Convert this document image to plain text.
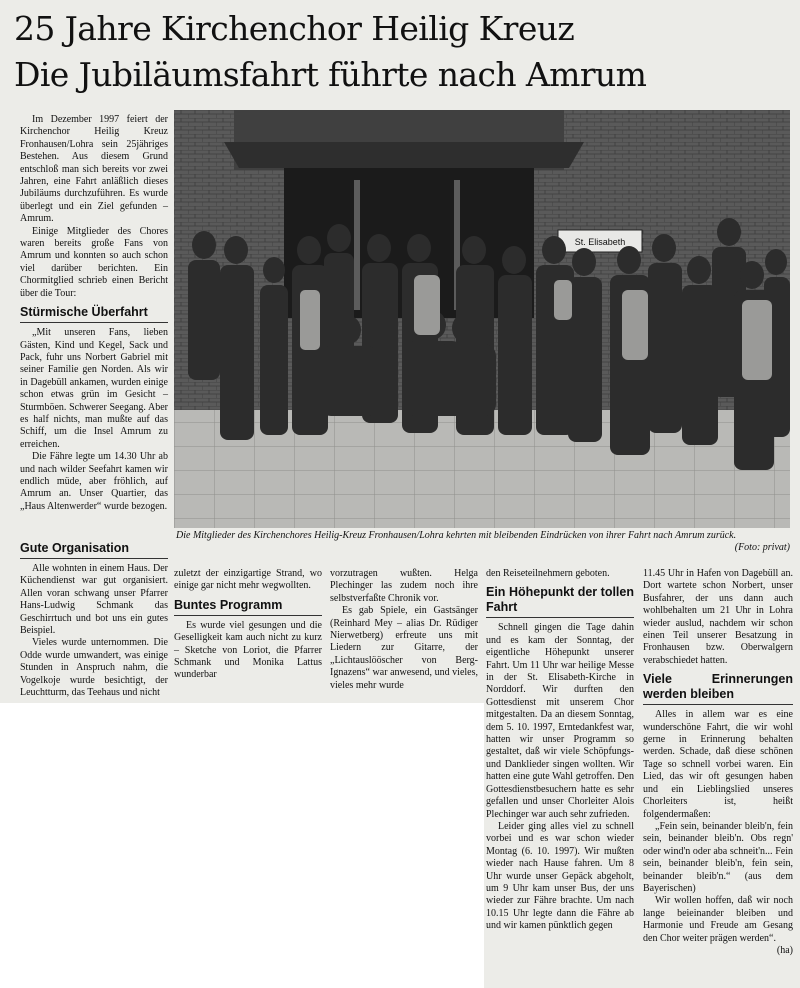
25 Jahre Kirchenchor Heilig Kreuz
Die Jubiläumsfahrt führte nach Amrum

Im Dezember 1997 feiert der Kirchenchor Heilig Kreuz Fronhausen/Lohra sein 25jähriges Bestehen. Aus diesem Grund entschloß man sich bereits vor zwei Jahren, eine Fahrt anläßlich dieses Jubiläums durchzuführen. Es wurde überlegt und ein Ziel gefunden – Amrum.

Einige Mitglieder des Chores waren bereits große Fans von Amrum und konnten so auch schon viel darüber berichten. Ein Chormitglied schrieb einen Bericht über die Tour:

Stürmische Überfahrt

„Mit unseren Fans, lieben Gästen, Kind und Kegel, Sack und Pack, fuhr uns Norbert Gabriel mit seiner Familie gen Norden. Als wir in Dagebüll ankamen, wurden einige schon etwas grün im Gesicht – Sturmböen. Schwerer Seegang. Aber es half nichts, man mußte auf das Schiff, um die Insel Amrum zu erreichen.

Die Fähre legte um 14.30 Uhr ab und nach wilder Seefahrt kamen wir endlich müde, aber fröhlich, auf Amrum an. Unser Quartier, das „Haus Altenwerder“ wurde bezogen.

Gute Organisation

Alle wohnten in einem Haus. Der Küchendienst war gut organisiert. Allen voran schwang unser Pfarrer Hans-Ludwig Schmank das Geschirrtuch und bot uns ein gutes Beispiel.

Vieles wurde unternommen. Die Odde wurde umwandert, was einige Stunden in Anspruch nahm, die Vogelkoje wurde besichtigt, der Leuchtturm, das Teehaus und nicht

St. Elisabeth
Die Mitglieder des Kirchenchores Heilig-Kreuz Fronhausen/Lohra kehrten mit bleibenden Eindrücken von ihrer Fahrt nach Amrum zurück.
(Foto: privat)

zuletzt der einzigartige Strand, wo einige gar nicht mehr wegwollten.

Buntes Programm

Es wurde viel gesungen und die Geselligkeit kam auch nicht zu kurz – Sketche von Loriot, die Pfarrer Schmank und Monika Lattus wunderbar

vorzutragen wußten. Helga Plechinger las zudem noch ihre selbstverfaßte Chronik vor.

Es gab Spiele, ein Gastsänger (Reinhard Mey – alias Dr. Rüdiger Nierwetberg) erfreute uns mit Liedern zur Gitarre, der „Lichtauslööscher von Berg-Ignazens“ war anwesend, und vieles, vieles mehr wurde

den Reiseteilnehmern geboten.

Ein Höhepunkt der tollen Fahrt

Schnell gingen die Tage dahin und es kam der Sonntag, der eigentliche Höhepunkt unserer Fahrt. Um 11 Uhr war heilige Messe in der St. Elisabeth-Kirche in Norddorf. Wir durften den Gottesdienst mit unserem Chor mitgestalten. Da an diesem Sonntag, dem 5. 10. 1997, Erntedankfest war, hatten wir unser Programm so gestaltet, daß wir viele Schöpfungs- und Danklieder singen wollten. Wir hatten eine gute Wahl getroffen. Den Gottesdienstbesuchern hatte es sehr gefallen und unser Chorleiter Alois Plechinger war auch sehr zufrieden.

Leider ging alles viel zu schnell vorbei und es war schon wieder Montag (6. 10. 1997). Wir mußten wieder nach Hause fahren. Um 8 Uhr wurde unser Gepäck abgeholt, um 9 Uhr kam unser Bus, der uns wieder zur Fähre brachte. Um nach 10.15 Uhr legte dann die Fähre ab und wir kamen pünktlich gegen

11.45 Uhr in Hafen von Dagebüll an. Dort wartete schon Norbert, unser Busfahrer, der uns dann auch wohlbehalten um 21 Uhr in Lohra wieder auslud, nachdem wir schon einen Teil unserer Besatzung in Fronhausen bzw. Oberwalgern verabschiedet hatten.

Viele Erinnerungen werden bleiben

Alles in allem war es eine wunderschöne Fahrt, die wir wohl gerne in Erinnerung behalten werden. Schade, daß diese schönen Tage so schnell vorbei waren. Ein Lied, das wir oft gesungen haben und ein Lieblingslied unseres Chorleiters ist, heißt folgendermaßen:

„Fein sein, beinander bleib'n, fein sein, beinander bleib'n. Obs regn' oder wind'n oder aba schneit'n... Fein sein, beinander bleib'n, fein sein, beinander bleib'n.“ (aus dem Bayerischen)

Wir wollen hoffen, daß wir noch lange beieinander bleiben und Harmonie und Freude am Gesang den Chor weiter prägen werden“.
(ha)
